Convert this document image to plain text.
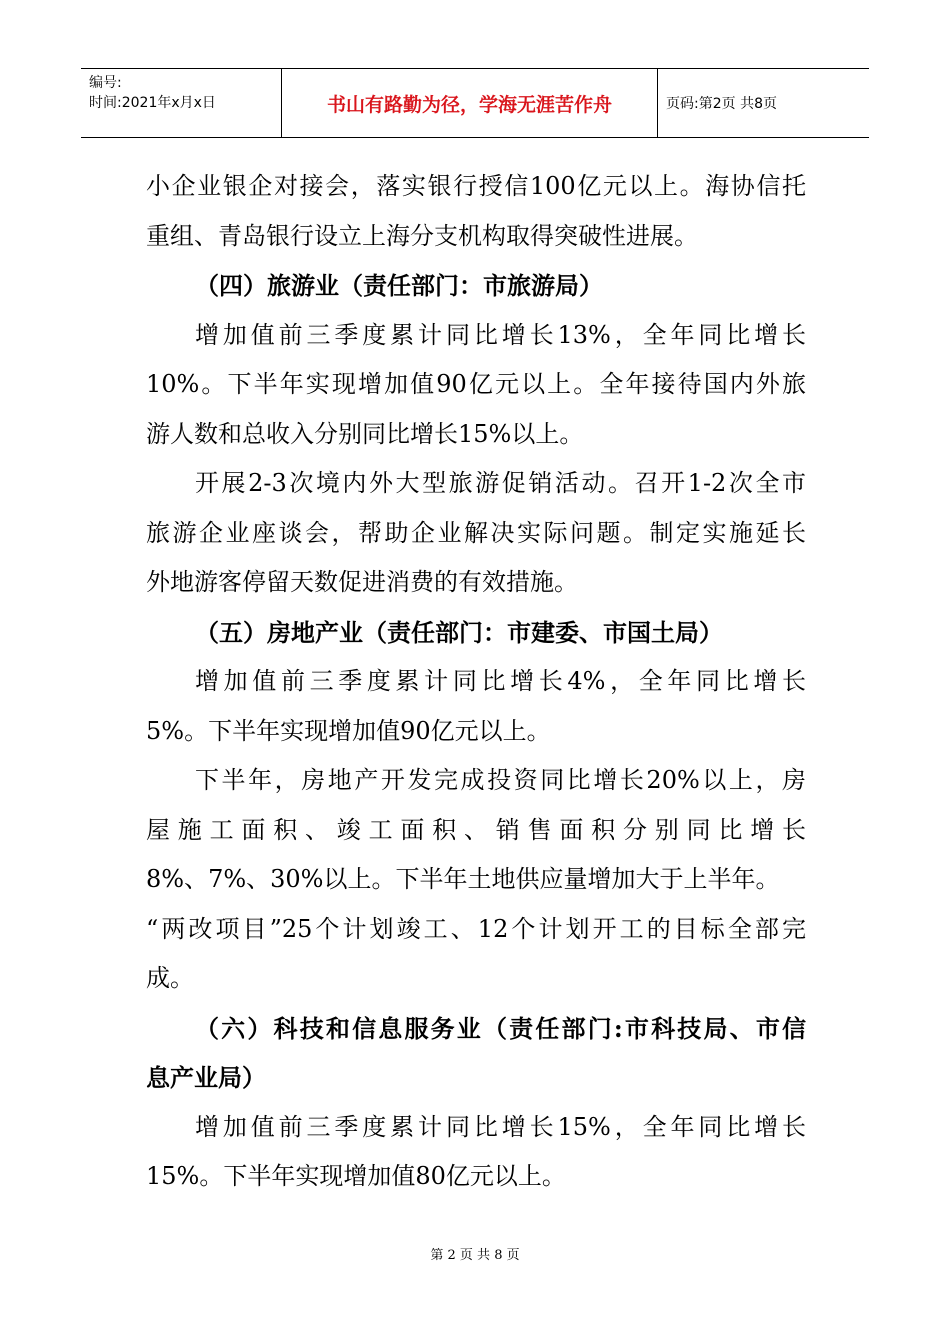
编号:
时间:2021年x月x日	书山有路勤为径，学海无涯苦作舟	页码:第2页 共8页
小企业银企对接会，落实银行授信100亿元以上。海协信托
重组、青岛银行设立上海分支机构取得突破性进展。
（四）旅游业（责任部门：市旅游局）
增加值前三季度累计同比增长13%，全年同比增长
10%。下半年实现增加值90亿元以上。全年接待国内外旅
游人数和总收入分别同比增长15%以上。
开展2-3次境内外大型旅游促销活动。召开1-2次全市
旅游企业座谈会，帮助企业解决实际问题。制定实施延长
外地游客停留天数促进消费的有效措施。
（五）房地产业（责任部门：市建委、市国土局）
增加值前三季度累计同比增长4%，全年同比增长
5%。下半年实现增加值90亿元以上。
下半年，房地产开发完成投资同比增长20%以上，房
屋施工面积、竣工面积、销售面积分别同比增长
8%、7%、30%以上。下半年土地供应量增加大于上半年。
“两改项目”25个计划竣工、12个计划开工的目标全部完
成。
（六）科技和信息服务业（责任部门:市科技局、市信
息产业局）
增加值前三季度累计同比增长15%，全年同比增长
15%。下半年实现增加值80亿元以上。
第 2 页 共 8 页
